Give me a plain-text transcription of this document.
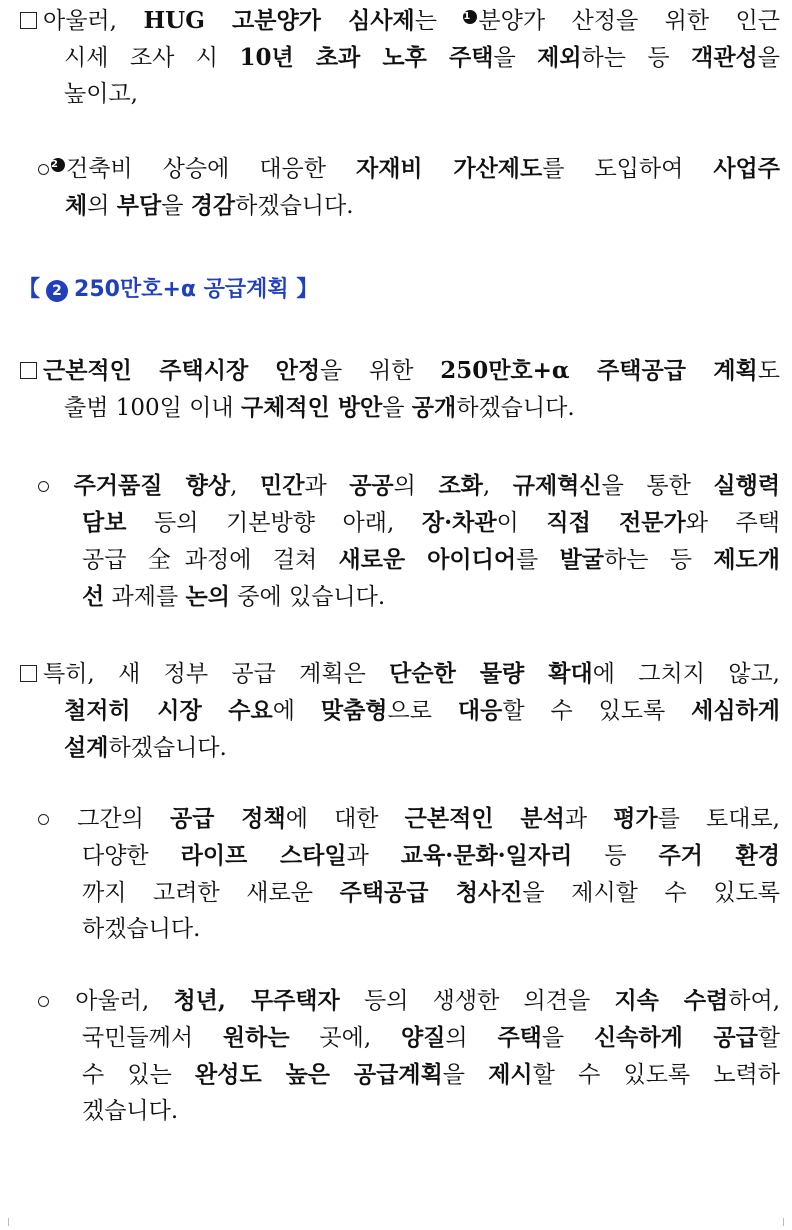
아울러, HUG 고분양가 심사제는 $^1$ 분양가 산정을 위한 인근
시세 조사 시 10년 초과 노후 주택을 제외하는 등 객관성을
높이고,
$^2$ 건축비 상승에 대응한 자재비 가산제도를 도입하여 사업주
체의 부담을 경감하겠습니다.
【 2 250만호+α 공급계획 】
근본적인 주택시장 안정을 위한 250만호+α 주택공급 계획도
출범 100일 이내 구체적인 방안을 공개하겠습니다.
주거품질 향상, 민간과 공공의 조화, 규제혁신을 통한 실행력
담보 등의 기본방향 아래, 장·차관이 직접 전문가와 주택
공급 全과정에 걸쳐 새로운 아이디어를 발굴하는 등 제도개
선 과제를 논의 중에 있습니다.
특히, 새 정부 공급 계획은 단순한 물량 확대에 그치지 않고,
철저히 시장 수요에 맞춤형으로 대응할 수 있도록 세심하게
설계하겠습니다.
그간의 공급 정책에 대한 근본적인 분석과 평가를 토대로,
다양한 라이프 스타일과 교육·문화·일자리 등 주거 환경
까지 고려한 새로운 주택공급 청사진을 제시할 수 있도록
하겠습니다.
아울러, 청년, 무주택자 등의 생생한 의견을 지속 수렴하여,
국민들께서 원하는 곳에, 양질의 주택을 신속하게 공급할
수 있는 완성도 높은 공급계획을 제시할 수 있도록 노력하
겠습니다.
